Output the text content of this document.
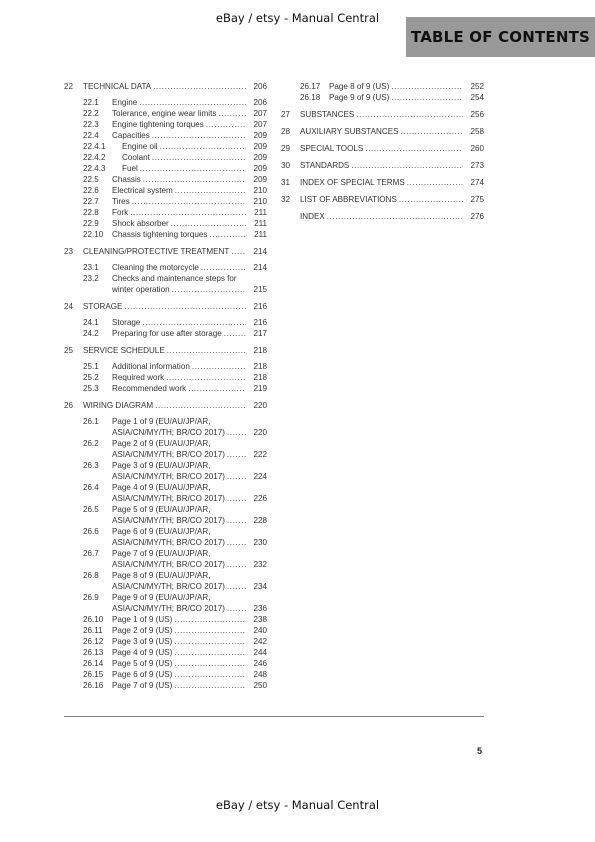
eBay / etsy - Manual Central
TABLE OF CONTENTS
22	TECHNICAL DATA .....	206
22.1	Engine .....	206
22.2	Tolerance, engine wear limits .....	207
22.3	Engine tightening torques .....	207
22.4	Capacities .....	209
22.4.1	Engine oil .....	209
22.4.2	Coolant .....	209
22.4.3	Fuel .....	209
22.5	Chassis .....	209
22.6	Electrical system .....	210
22.7	Tires .....	210
22.8	Fork .....	211
22.9	Shock absorber .....	211
22.10	Chassis tightening torques .....	211
23	CLEANING/PROTECTIVE TREATMENT .....	214
23.1	Cleaning the motorcycle .....	214
23.2	Checks and maintenance steps for
winter operation .....	215
24	STORAGE .....	216
24.1	Storage .....	216
24.2	Preparing for use after storage .....	217
25	SERVICE SCHEDULE .....	218
25.1	Additional information .....	218
25.2	Required work .....	218
25.3	Recommended work .....	219
26	WIRING DIAGRAM .....	220
26.1	Page 1 of 9 (EU/AU/JP/AR,
ASIA/CN/MY/TH; BR/CO 2017) .....	220
26.2	Page 2 of 9 (EU/AU/JP/AR,
ASIA/CN/MY/TH; BR/CO 2017) .....	222
26.3	Page 3 of 9 (EU/AU/JP/AR,
ASIA/CN/MY/TH; BR/CO 2017) .....	224
26.4	Page 4 of 9 (EU/AU/JP/AR,
ASIA/CN/MY/TH; BR/CO 2017) .....	226
26.5	Page 5 of 9 (EU/AU/JP/AR,
ASIA/CN/MY/TH; BR/CO 2017) .....	228
26.6	Page 6 of 9 (EU/AU/JP/AR,
ASIA/CN/MY/TH; BR/CO 2017) .....	230
26.7	Page 7 of 9 (EU/AU/JP/AR,
ASIA/CN/MY/TH; BR/CO 2017) .....	232
26.8	Page 8 of 9 (EU/AU/JP/AR,
ASIA/CN/MY/TH; BR/CO 2017) .....	234
26.9	Page 9 of 9 (EU/AU/JP/AR,
ASIA/CN/MY/TH; BR/CO 2017) .....	236
26.10	Page 1 of 9 (US) .....	238
26.11	Page 2 of 9 (US) .....	240
26.12	Page 3 of 9 (US) .....	242
26.13	Page 4 of 9 (US) .....	244
26.14	Page 5 of 9 (US) .....	246
26.15	Page 6 of 9 (US) .....	248
26.16	Page 7 of 9 (US) .....	250
26.17	Page 8 of 9 (US) .....	252
26.18	Page 9 of 9 (US) .....	254
27	SUBSTANCES .....	256
28	AUXILIARY SUBSTANCES .....	258
29	SPECIAL TOOLS .....	260
30	STANDARDS .....	273
31	INDEX OF SPECIAL TERMS .....	274
32	LIST OF ABBREVIATIONS .....	275
INDEX .....	276
5
eBay / etsy - Manual Central
